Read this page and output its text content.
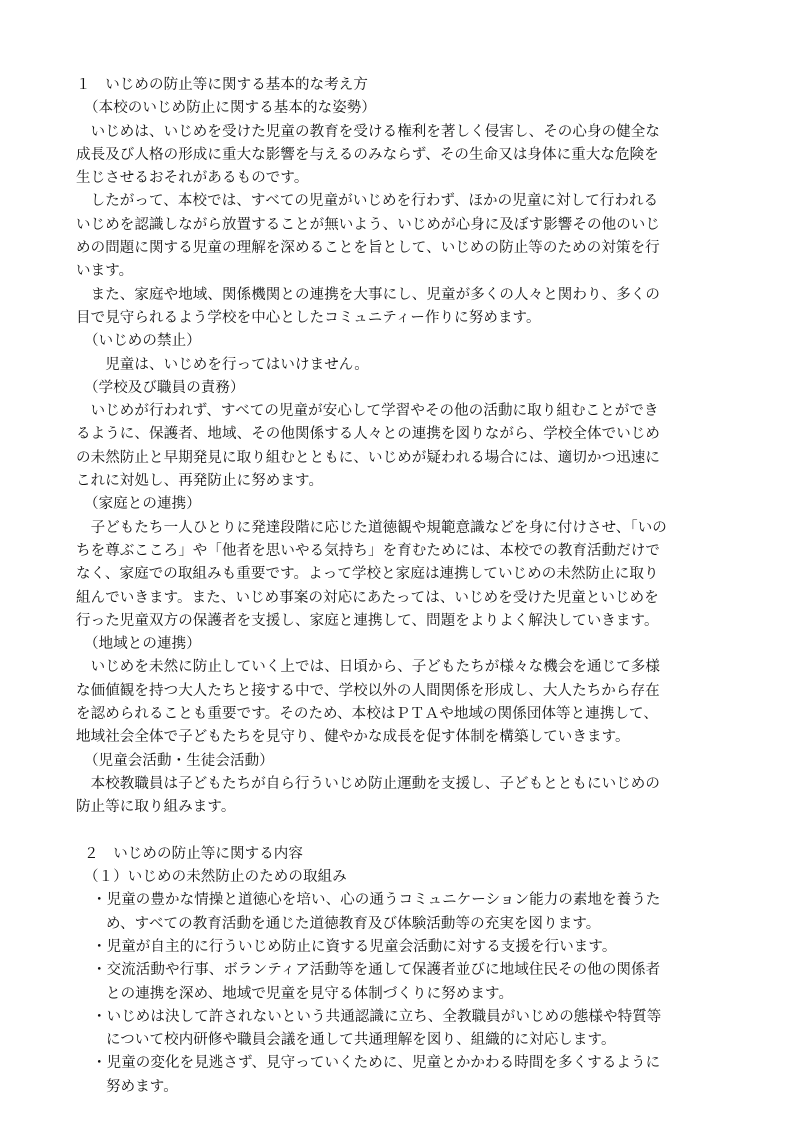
１　いじめの防止等に関する基本的な考え方
（本校のいじめ防止に関する基本的な姿勢）
　いじめは、いじめを受けた児童の教育を受ける権利を著しく侵害し、その心身の健全な
成長及び人格の形成に重大な影響を与えるのみならず、その生命又は身体に重大な危険を
生じさせるおそれがあるものです。
　したがって、本校では、すべての児童がいじめを行わず、ほかの児童に対して行われる
いじめを認識しながら放置することが無いよう、いじめが心身に及ぼす影響その他のいじ
めの問題に関する児童の理解を深めることを旨として、いじめの防止等のための対策を行
います。
　また、家庭や地域、関係機関との連携を大事にし、児童が多くの人々と関わり、多くの
目で見守られるよう学校を中心としたコミュニティー作りに努めます。
（いじめの禁止）
　　児童は、いじめを行ってはいけません。
（学校及び職員の責務）
　いじめが行われず、すべての児童が安心して学習やその他の活動に取り組むことができ
るように、保護者、地域、その他関係する人々との連携を図りながら、学校全体でいじめ
の未然防止と早期発見に取り組むとともに、いじめが疑われる場合には、適切かつ迅速に
これに対処し、再発防止に努めます。
（家庭との連携）
　子どもたち一人ひとりに発達段階に応じた道徳観や規範意識などを身に付けさせ、「いの
ちを尊ぶこころ」や「他者を思いやる気持ち」を育むためには、本校での教育活動だけで
なく、家庭での取組みも重要です。よって学校と家庭は連携していじめの未然防止に取り
組んでいきます。また、いじめ事案の対応にあたっては、いじめを受けた児童といじめを
行った児童双方の保護者を支援し、家庭と連携して、問題をよりよく解決していきます。
（地域との連携）
　いじめを未然に防止していく上では、日頃から、子どもたちが様々な機会を通じて多様
な価値観を持つ大人たちと接する中で、学校以外の人間関係を形成し、大人たちから存在
を認められることも重要です。そのため、本校はＰＴＡや地域の関係団体等と連携して、
地域社会全体で子どもたちを見守り、健やかな成長を促す体制を構築していきます。
（児童会活動・生徒会活動）
　本校教職員は子どもたちが自ら行ういじめ防止運動を支援し、子どもとともにいじめの
防止等に取り組みます。
２　いじめの防止等に関する内容
（１）いじめの未然防止のための取組み
・児童の豊かな情操と道徳心を培い、心の通うコミュニケーション能力の素地を養うた
め、すべての教育活動を通じた道徳教育及び体験活動等の充実を図ります。
・児童が自主的に行ういじめ防止に資する児童会活動に対する支援を行います。
・交流活動や行事、ボランティア活動等を通して保護者並びに地域住民その他の関係者
との連携を深め、地域で児童を見守る体制づくりに努めます。
・いじめは決して許されないという共通認識に立ち、全教職員がいじめの態様や特質等
について校内研修や職員会議を通して共通理解を図り、組織的に対応します。
・児童の変化を見逃さず、見守っていくために、児童とかかわる時間を多くするように
努めます。
